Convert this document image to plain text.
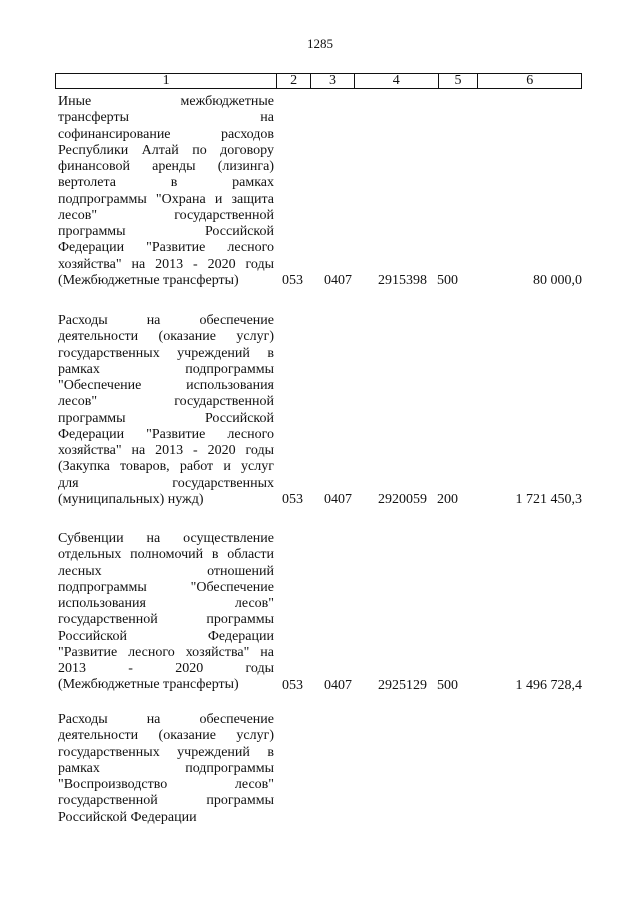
1285
1	2	3	4	5	6
Иные межбюджетные
трансферты на
софинансирование расходов
Республики Алтай по договору
финансовой аренды (лизинга)
вертолета в рамках
подпрограммы "Охрана и защита
лесов" государственной
программы Российской
Федерации "Развитие лесного
хозяйства" на 2013 - 2020 годы
(Межбюджетные трансферты)	053 0407 2915398 500	80 000,0
Расходы на обеспечение
деятельности (оказание услуг)
государственных учреждений в
рамках подпрограммы
"Обеспечение использования
лесов" государственной
программы Российской
Федерации "Развитие лесного
хозяйства" на 2013 - 2020 годы
(Закупка товаров, работ и услуг
для государственных
(муниципальных) нужд)	053 0407 2920059 200	1 721 450,3
Субвенции на осуществление
отдельных полномочий в области
лесных отношений
подпрограммы "Обеспечение
использования лесов"
государственной программы
Российской Федерации
"Развитие лесного хозяйства" на
2013 - 2020 годы
(Межбюджетные трансферты)	053 0407 2925129 500	1 496 728,4
Расходы на обеспечение
деятельности (оказание услуг)
государственных учреждений в
рамках подпрограммы
"Воспроизводство лесов"
государственной программы
Российской Федерации
